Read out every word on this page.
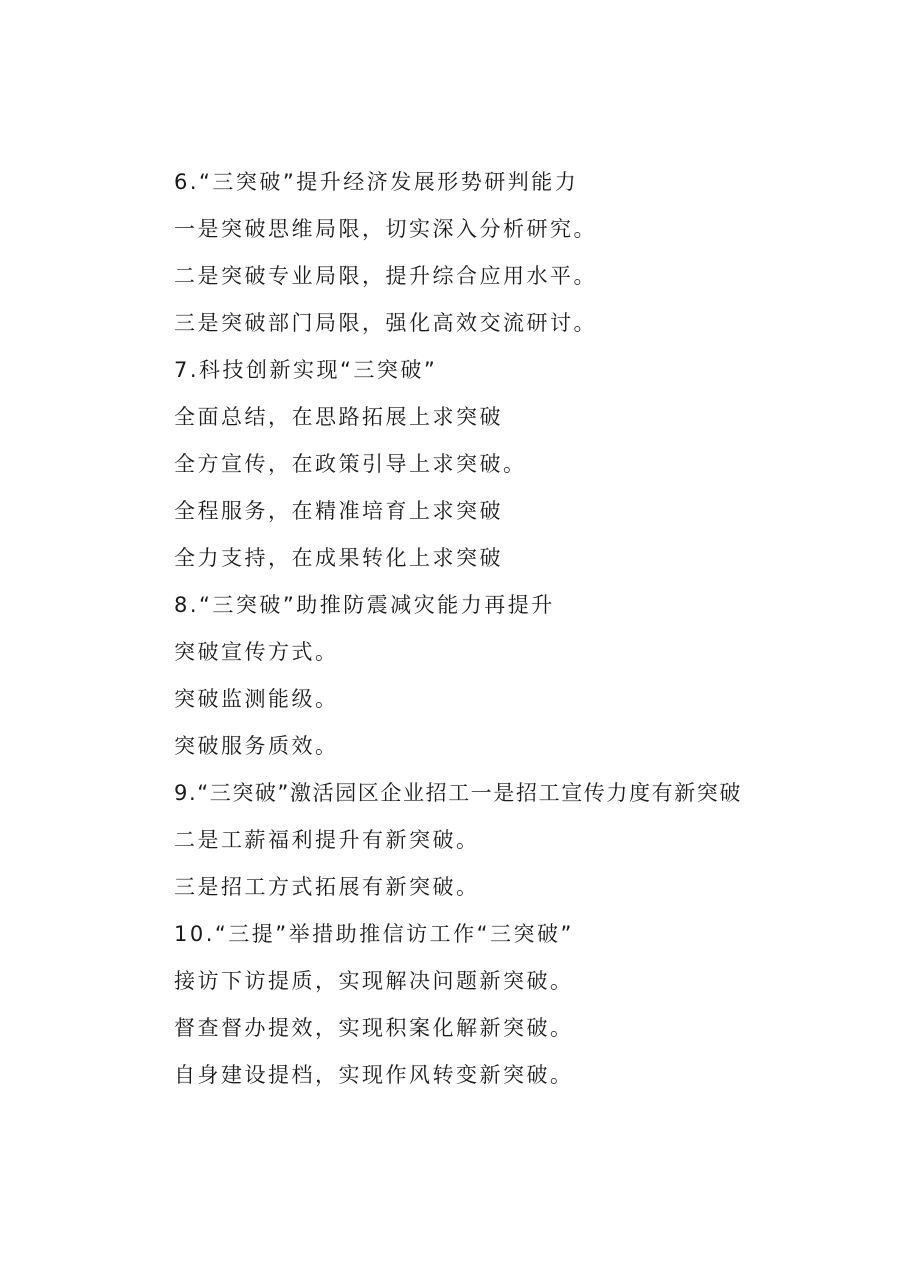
6.“三突破”提升经济发展形势研判能力
一是突破思维局限，切实深入分析研究。
二是突破专业局限，提升综合应用水平。
三是突破部门局限，强化高效交流研讨。
7.科技创新实现“三突破”
全面总结，在思路拓展上求突破
全方宣传，在政策引导上求突破。
全程服务，在精准培育上求突破
全力支持，在成果转化上求突破
8.“三突破”助推防震减灾能力再提升
突破宣传方式。
突破监测能级。
突破服务质效。
9.“三突破”激活园区企业招工一是招工宣传力度有新突破
二是工薪福利提升有新突破。
三是招工方式拓展有新突破。
10.“三提”举措助推信访工作“三突破”
接访下访提质，实现解决问题新突破。
督查督办提效，实现积案化解新突破。
自身建设提档，实现作风转变新突破。
